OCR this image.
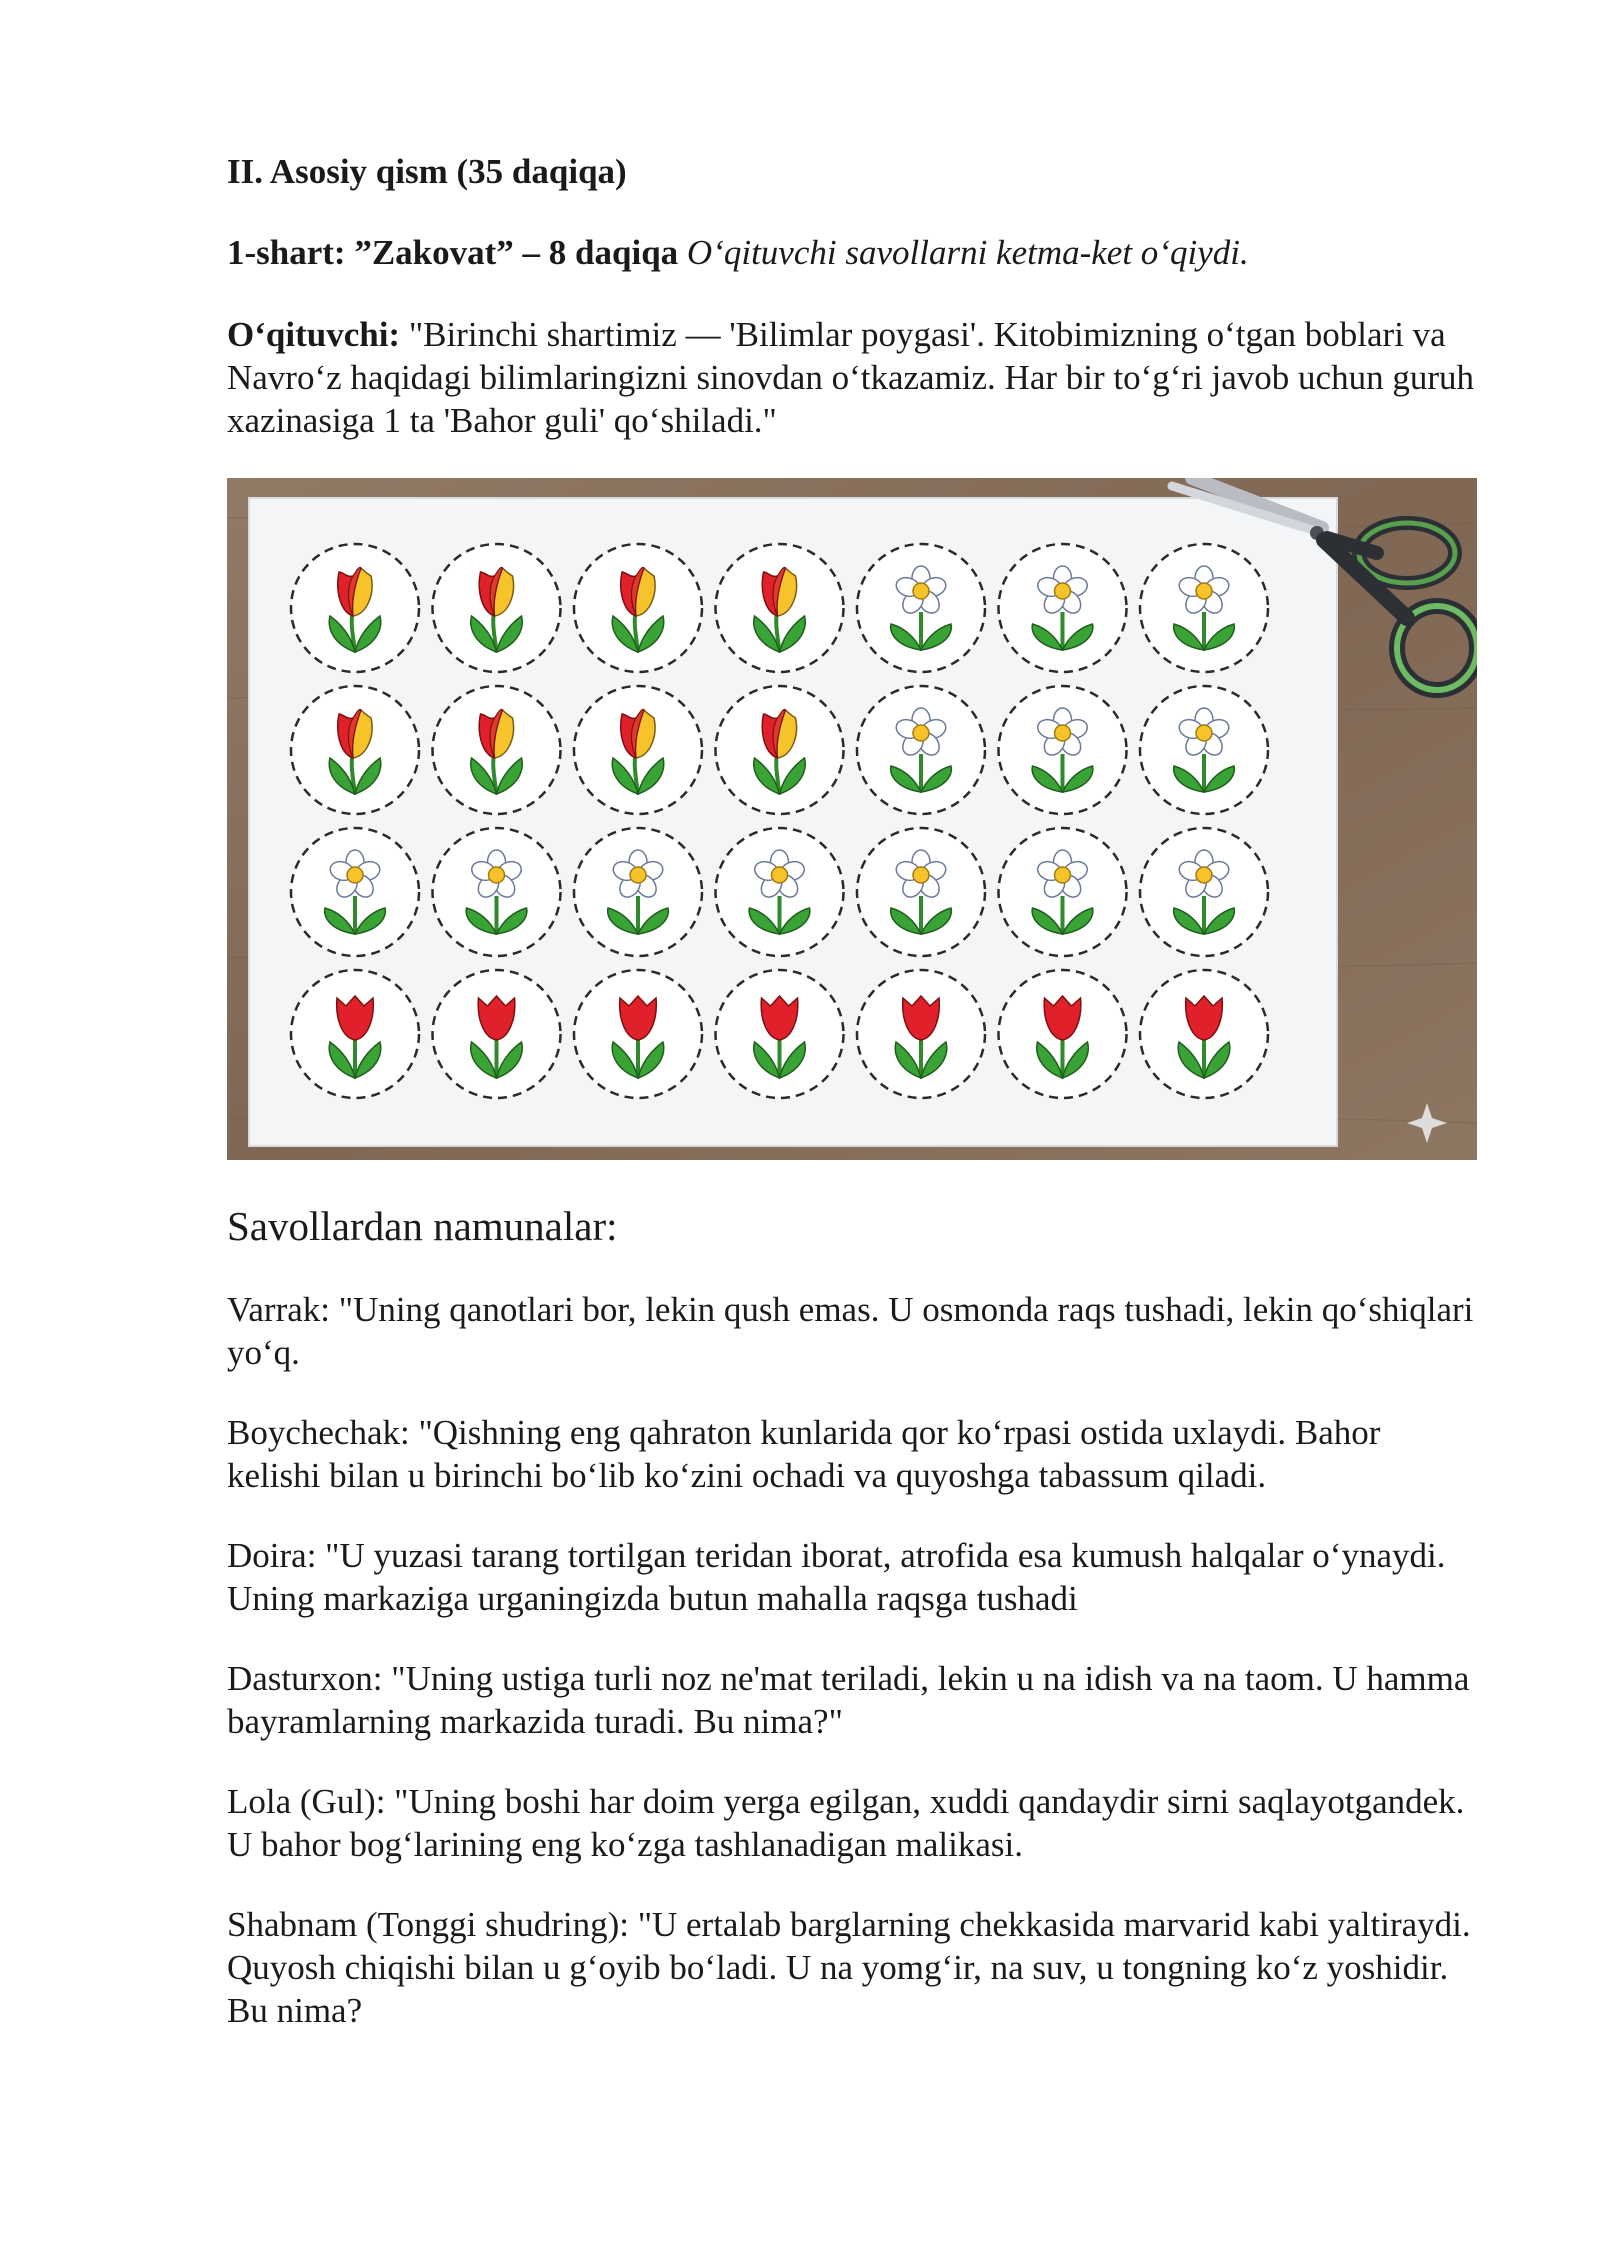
II. Asosiy qism (35 daqiqa)

1-shart: ”Zakovat” – 8 daqiqa O‘qituvchi savollarni ketma-ket o‘qiydi.

O‘qituvchi: "Birinchi shartimiz — 'Bilimlar poygasi'. Kitobimizning o‘tgan boblari va Navro‘z haqidagi bilimlaringizni sinovdan o‘tkazamiz. Har bir to‘g‘ri javob uchun guruh xazinasiga 1 ta 'Bahor guli' qo‘shiladi."

Savollardan namunalar:

Varrak: "Uning qanotlari bor, lekin qush emas. U osmonda raqs tushadi, lekin qo‘shiqlari yo‘q.

Boychechak: "Qishning eng qahraton kunlarida qor ko‘rpasi ostida uxlaydi. Bahor kelishi bilan u birinchi bo‘lib ko‘zini ochadi va quyoshga tabassum qiladi.

Doira: "U yuzasi tarang tortilgan teridan iborat, atrofida esa kumush halqalar o‘ynaydi. Uning markaziga urganingizda butun mahalla raqsga tushadi

Dasturxon: "Uning ustiga turli noz ne'mat teriladi, lekin u na idish va na taom. U hamma bayramlarning markazida turadi. Bu nima?"

Lola (Gul): "Uning boshi har doim yerga egilgan, xuddi qandaydir sirni saqlayotgandek. U bahor bog‘larining eng ko‘zga tashlanadigan malikasi.

Shabnam (Tonggi shudring): "U ertalab barglarning chekkasida marvarid kabi yaltiraydi. Quyosh chiqishi bilan u g‘oyib bo‘ladi. U na yomg‘ir, na suv, u tongning ko‘z yoshidir. Bu nima?
